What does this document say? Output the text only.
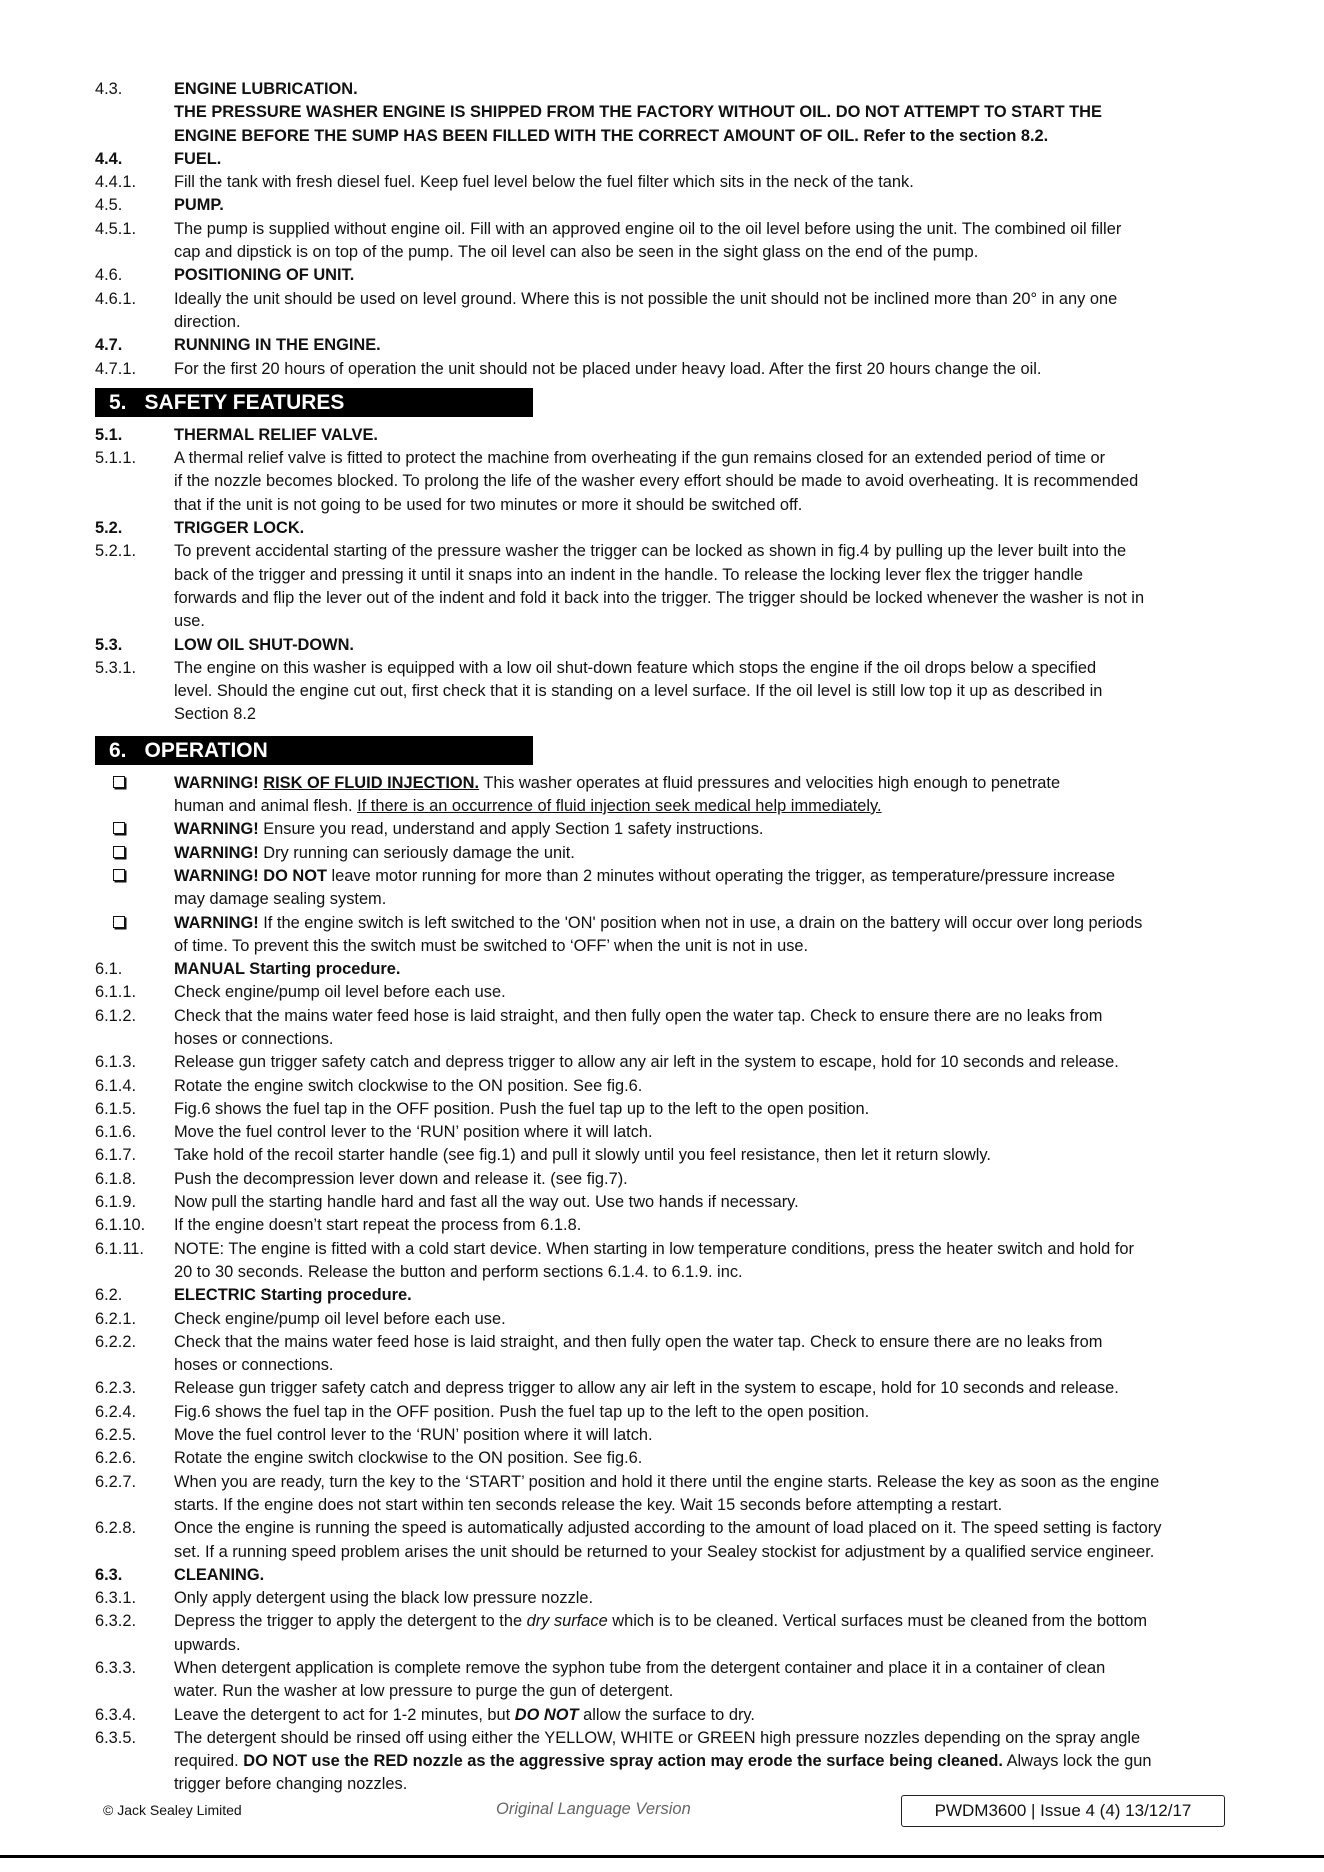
4.3.	ENGINE LUBRICATION.
THE PRESSURE WASHER ENGINE IS SHIPPED FROM THE FACTORY WITHOUT OIL. DO NOT ATTEMPT TO START THE
ENGINE BEFORE THE SUMP HAS BEEN FILLED WITH THE CORRECT AMOUNT OF OIL. Refer to the section 8.2.
4.4.	FUEL.
4.4.1.	Fill the tank with fresh diesel fuel. Keep fuel level below the fuel filter which sits in the neck of the tank.
4.5.	PUMP.
4.5.1.	The pump is supplied without engine oil. Fill with an approved engine oil to the oil level before using the unit. The combined oil filler
cap and dipstick is on top of the pump. The oil level can also be seen in the sight glass on the end of the pump.
4.6.	POSITIONING OF UNIT.
4.6.1.	Ideally the unit should be used on level ground. Where this is not possible the unit should not be inclined more than 20° in any one
direction.
4.7.	RUNNING IN THE ENGINE.
4.7.1.	For the first 20 hours of operation the unit should not be placed under heavy load. After the first 20 hours change the oil.
5. SAFETY FEATURES
5.1.	THERMAL RELIEF VALVE.
5.1.1.	A thermal relief valve is fitted to protect the machine from overheating if the gun remains closed for an extended period of time or
if the nozzle becomes blocked. To prolong the life of the washer every effort should be made to avoid overheating. It is recommended
that if the unit is not going to be used for two minutes or more it should be switched off.
5.2.	TRIGGER LOCK.
5.2.1.	To prevent accidental starting of the pressure washer the trigger can be locked as shown in fig.4 by pulling up the lever built into the
back of the trigger and pressing it until it snaps into an indent in the handle. To release the locking lever flex the trigger handle
forwards and flip the lever out of the indent and fold it back into the trigger. The trigger should be locked whenever the washer is not in
use.
5.3.	LOW OIL SHUT-DOWN.
5.3.1.	The engine on this washer is equipped with a low oil shut-down feature which stops the engine if the oil drops below a specified
level. Should the engine cut out, first check that it is standing on a level surface. If the oil level is still low top it up as described in
Section 8.2
6. OPERATION
WARNING! RISK OF FLUID INJECTION. This washer operates at fluid pressures and velocities high enough to penetrate
human and animal flesh. If there is an occurrence of fluid injection seek medical help immediately.
WARNING! Ensure you read, understand and apply Section 1 safety instructions.
WARNING! Dry running can seriously damage the unit.
WARNING! DO NOT leave motor running for more than 2 minutes without operating the trigger, as temperature/pressure increase
may damage sealing system.
WARNING! If the engine switch is left switched to the 'ON' position when not in use, a drain on the battery will occur over long periods
of time. To prevent this the switch must be switched to ‘OFF’ when the unit is not in use.
6.1.	MANUAL Starting procedure.
6.1.1.	Check engine/pump oil level before each use.
6.1.2.	Check that the mains water feed hose is laid straight, and then fully open the water tap. Check to ensure there are no leaks from
hoses or connections.
6.1.3.	Release gun trigger safety catch and depress trigger to allow any air left in the system to escape, hold for 10 seconds and release.
6.1.4.	Rotate the engine switch clockwise to the ON position. See fig.6.
6.1.5.	Fig.6 shows the fuel tap in the OFF position. Push the fuel tap up to the left to the open position.
6.1.6.	Move the fuel control lever to the ‘RUN’ position where it will latch.
6.1.7.	Take hold of the recoil starter handle (see fig.1) and pull it slowly until you feel resistance, then let it return slowly.
6.1.8.	Push the decompression lever down and release it. (see fig.7).
6.1.9.	Now pull the starting handle hard and fast all the way out. Use two hands if necessary.
6.1.10.	If the engine doesn’t start repeat the process from 6.1.8.
6.1.11.	NOTE: The engine is fitted with a cold start device. When starting in low temperature conditions, press the heater switch and hold for
20 to 30 seconds. Release the button and perform sections 6.1.4. to 6.1.9. inc.
6.2.	ELECTRIC Starting procedure.
6.2.1.	Check engine/pump oil level before each use.
6.2.2.	Check that the mains water feed hose is laid straight, and then fully open the water tap. Check to ensure there are no leaks from
hoses or connections.
6.2.3.	Release gun trigger safety catch and depress trigger to allow any air left in the system to escape, hold for 10 seconds and release.
6.2.4.	Fig.6 shows the fuel tap in the OFF position. Push the fuel tap up to the left to the open position.
6.2.5.	Move the fuel control lever to the ‘RUN’ position where it will latch.
6.2.6.	Rotate the engine switch clockwise to the ON position. See fig.6.
6.2.7.	When you are ready, turn the key to the ‘START’ position and hold it there until the engine starts. Release the key as soon as the engine
starts. If the engine does not start within ten seconds release the key. Wait 15 seconds before attempting a restart.
6.2.8.	Once the engine is running the speed is automatically adjusted according to the amount of load placed on it. The speed setting is factory
set. If a running speed problem arises the unit should be returned to your Sealey stockist for adjustment by a qualified service engineer.
6.3.	CLEANING.
6.3.1.	Only apply detergent using the black low pressure nozzle.
6.3.2.	Depress the trigger to apply the detergent to the dry surface which is to be cleaned. Vertical surfaces must be cleaned from the bottom
upwards.
6.3.3.	When detergent application is complete remove the syphon tube from the detergent container and place it in a container of clean
water. Run the washer at low pressure to purge the gun of detergent.
6.3.4.	Leave the detergent to act for 1-2 minutes, but DO NOT allow the surface to dry.
6.3.5.	The detergent should be rinsed off using either the YELLOW, WHITE or GREEN high pressure nozzles depending on the spray angle
required. DO NOT use the RED nozzle as the aggressive spray action may erode the surface being cleaned. Always lock the gun
trigger before changing nozzles.
© Jack Sealey Limited	Original Language Version	PWDM3600 | Issue 4 (4) 13/12/17
